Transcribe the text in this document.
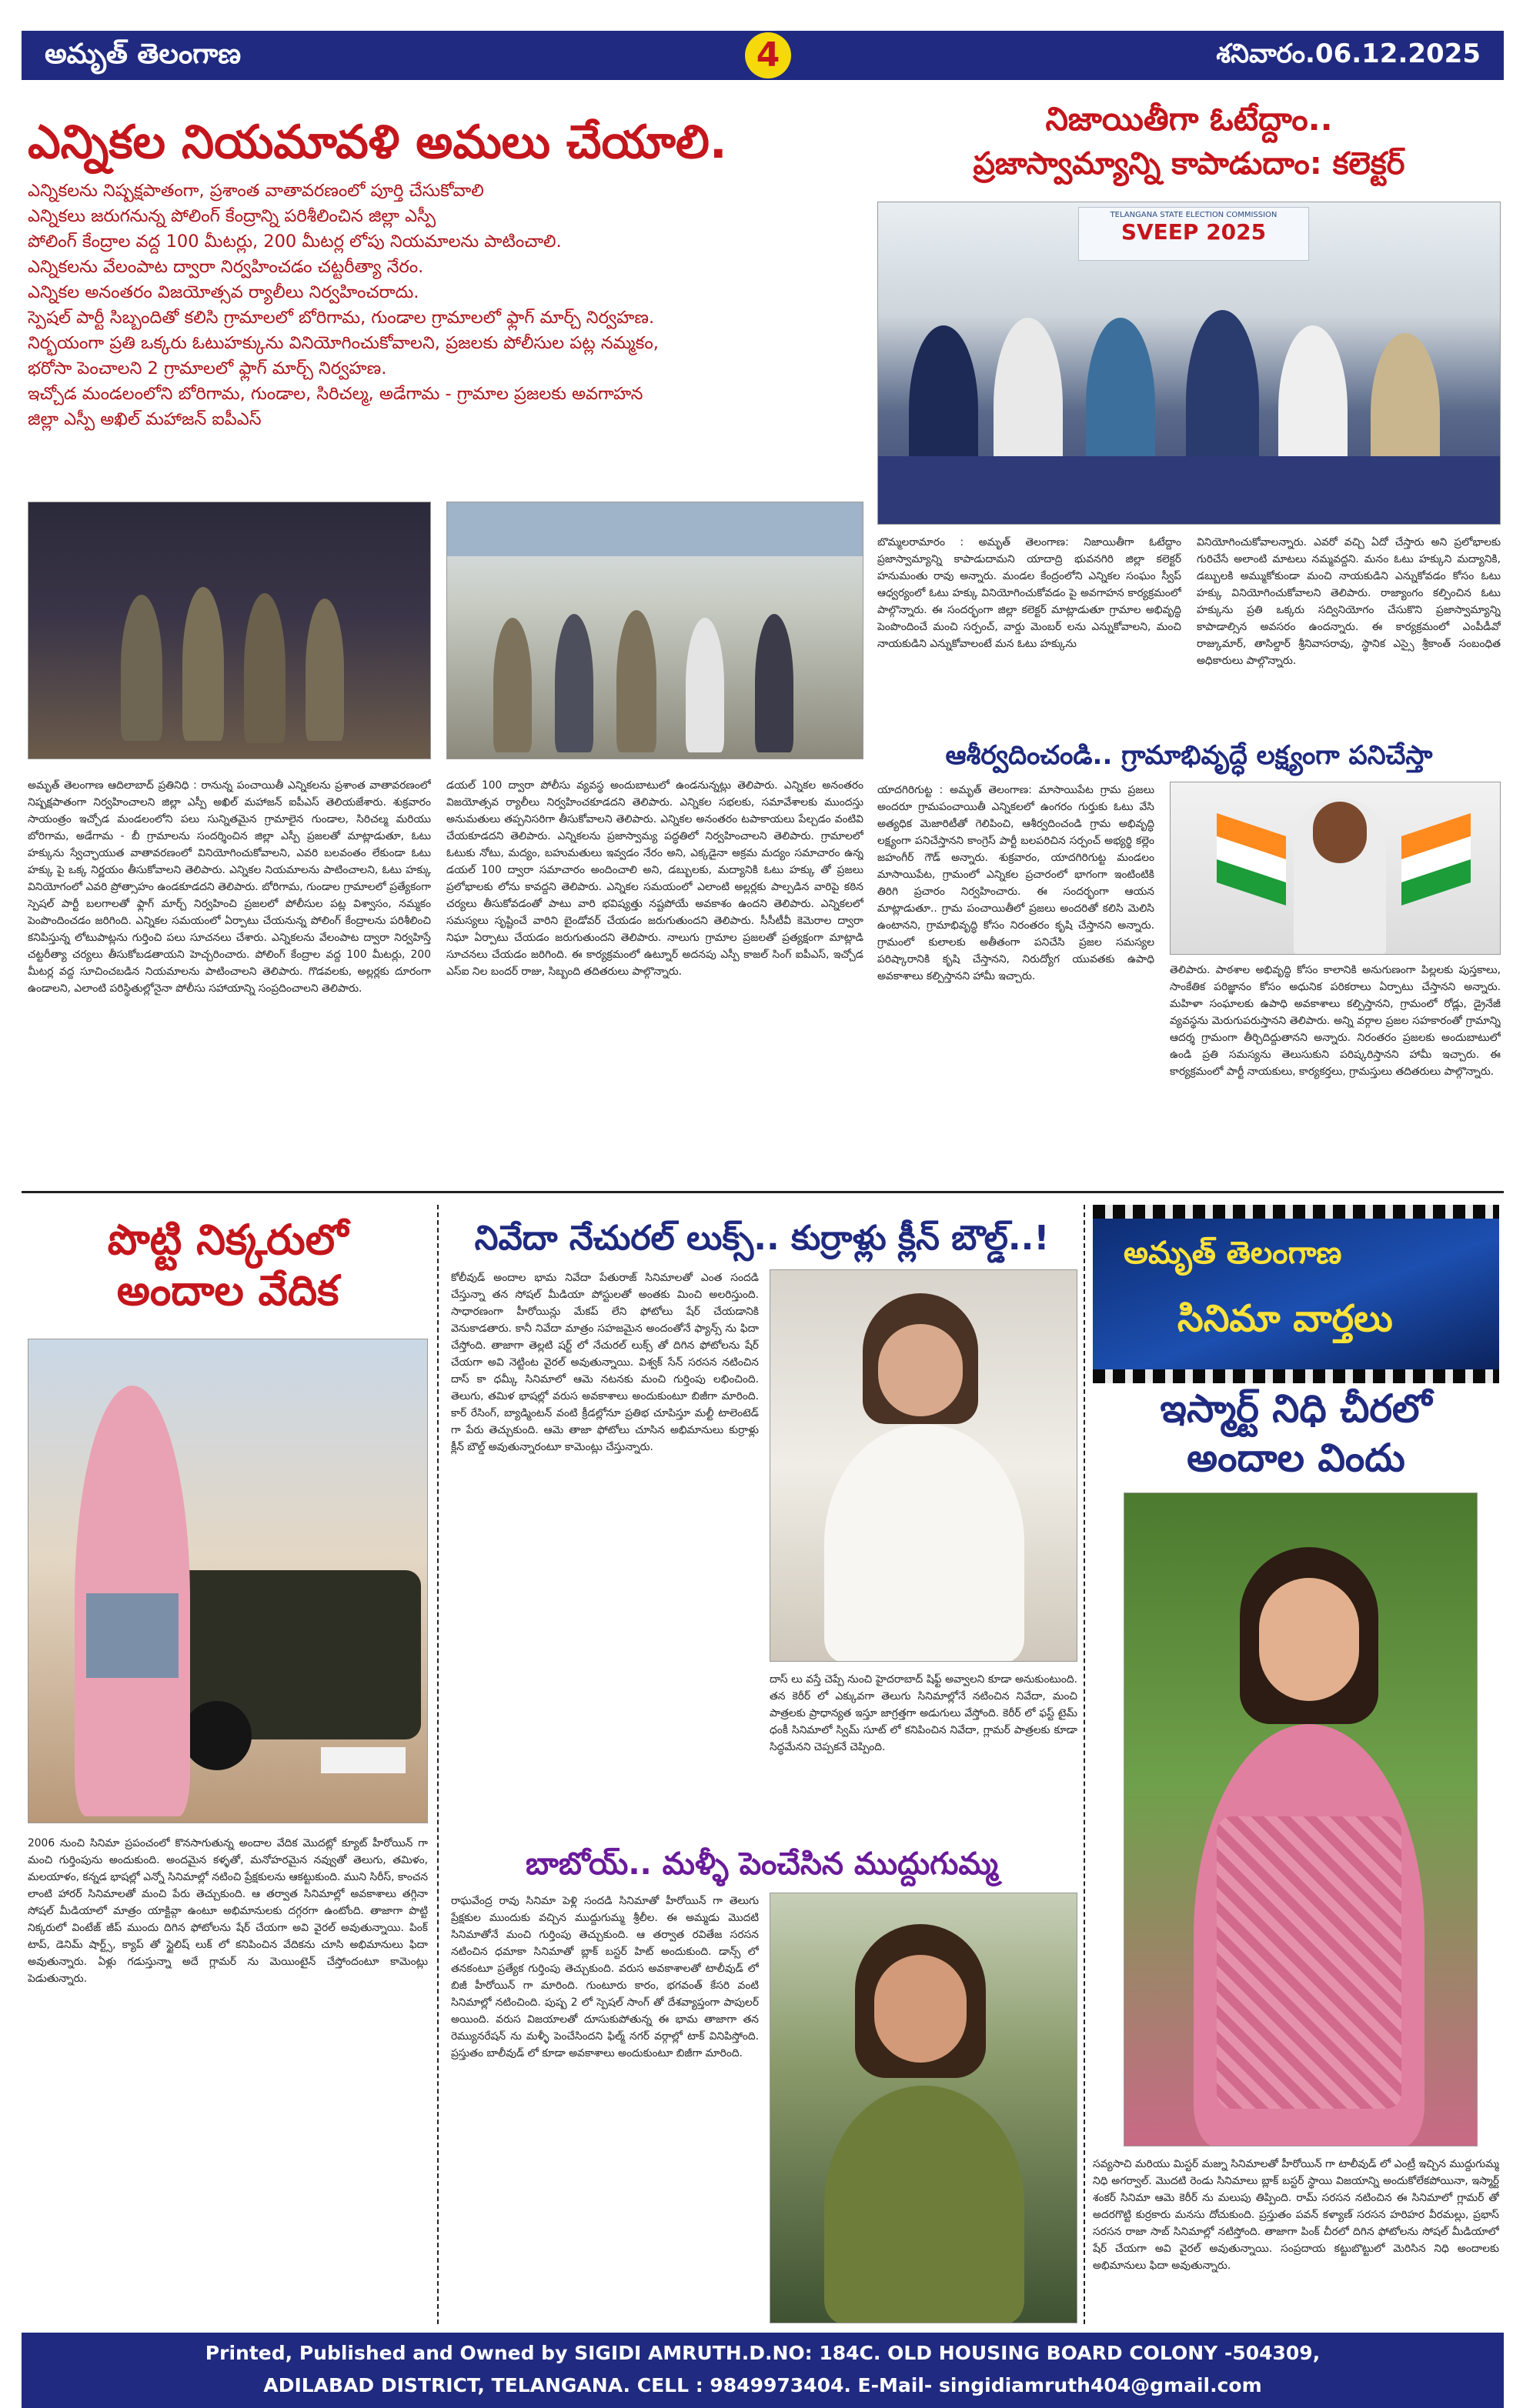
అమృత్ తెలంగాణ	4	శనివారం.06.12.2025
ఎన్నికల నియమావళి అమలు చేయాలి.
ఎన్నికలను నిష్పక్షపాతంగా, ప్రశాంత వాతావరణంలో పూర్తి చేసుకోవాలి
ఎన్నికలు జరుగనున్న పోలింగ్ కేంద్రాన్ని పరిశీలించిన జిల్లా ఎస్పీ
పోలింగ్ కేంద్రాల వద్ద 100 మీటర్లు, 200 మీటర్ల లోపు నియమాలను పాటించాలి.
ఎన్నికలను వేలంపాట ద్వారా నిర్వహించడం చట్టరీత్యా నేరం.
ఎన్నికల అనంతరం విజయోత్సవ ర్యాలీలు నిర్వహించరాదు.
స్పెషల్ పార్టీ సిబ్బందితో కలిసి గ్రామాలలో బోరిగామ, గుండాల గ్రామాలలో ఫ్లాగ్ మార్చ్ నిర్వహణ.
నిర్భయంగా ప్రతి ఒక్కరు ఓటుహక్కును వినియోగించుకోవాలని, ప్రజలకు పోలీసుల పట్ల నమ్మకం,
భరోసా పెంచాలని 2 గ్రామాలలో ఫ్లాగ్ మార్చ్ నిర్వహణ.
ఇచ్చోడ మండలంలోని బోరిగామ, గుండాల, సిరిచల్మ, అడేగామ - గ్రామాల ప్రజలకు అవగాహన
జిల్లా ఎస్పీ అఖిల్ మహాజన్ ఐపీఎస్
అమృత్ తెలంగాణ ఆదిలాబాద్ ప్రతినిధి : రానున్న పంచాయితీ ఎన్నికలను ప్రశాంత వాతావరణంలో నిష్పక్షపాతంగా నిర్వహించాలని జిల్లా ఎస్పీ అఖిల్ మహాజన్ ఐపీఎస్ తెలియజేశారు. శుక్రవారం సాయంత్రం ఇచ్చోడ మండలంలోని పలు సున్నితమైన గ్రామాలైన గుండాల, సిరిచల్మ మరియు బోరిగామ, అడేగామ - బీ గ్రామాలను సందర్శించిన జిల్లా ఎస్పీ ప్రజలతో మాట్లాడుతూ, ఓటు హక్కును స్వేచ్ఛాయుత వాతావరణంలో వినియోగించుకోవాలని, ఎవరి బలవంతం లేకుండా ఓటు హక్కు పై ఒక్క నిర్ణయం తీసుకోవాలని తెలిపారు. ఎన్నికల నియమాలను పాటించాలని, ఓటు హక్కు వినియోగంలో ఎవరి ప్రోత్సాహం ఉండకూడదని తెలిపారు. బోరిగామ, గుండాల గ్రామాలలో ప్రత్యేకంగా స్పెషల్ పార్టీ బలగాలతో ఫ్లాగ్ మార్చ్ నిర్వహించి ప్రజలలో పోలీసుల పట్ల విశ్వాసం, నమ్మకం పెంపొందించడం జరిగింది. ఎన్నికల సమయంలో ఏర్పాటు చేయనున్న పోలింగ్ కేంద్రాలను పరిశీలించి కనిపిస్తున్న లోటుపాట్లను గుర్తించి పలు సూచనలు చేశారు. ఎన్నికలను వేలంపాట ద్వారా నిర్వహిస్తే చట్టరీత్యా చర్యలు తీసుకోబడతాయని హెచ్చరించారు. పోలింగ్ కేంద్రాల వద్ద 100 మీటర్లు, 200 మీటర్ల వద్ద సూచించబడిన నియమాలను పాటించాలని తెలిపారు. గొడవలకు, అల్లర్లకు దూరంగా ఉండాలని, ఎలాంటి పరిస్థితుల్లోనైనా పోలీసు సహాయాన్ని సంప్రదించాలని తెలిపారు.
డయల్ 100 ద్వారా పోలీసు వ్యవస్థ అందుబాటులో ఉండనున్నట్లు తెలిపారు. ఎన్నికల అనంతరం విజయోత్సవ ర్యాలీలు నిర్వహించకూడదని తెలిపారు. ఎన్నికల సభలకు, సమావేశాలకు ముందస్తు అనుమతులు తప్పనిసరిగా తీసుకోవాలని తెలిపారు. ఎన్నికల అనంతరం టపాకాయలు పేల్చడం వంటివి చేయకూడదని తెలిపారు. ఎన్నికలను ప్రజాస్వామ్య పద్ధతిలో నిర్వహించాలని తెలిపారు. గ్రామాలలో ఓటుకు నోటు, మద్యం, బహుమతులు ఇవ్వడం నేరం అని, ఎక్కడైనా అక్రమ మద్యం సమాచారం ఉన్న డయల్ 100 ద్వారా సమాచారం అందించాలి అని, డబ్బులకు, మద్యానికి ఓటు హక్కు తో ప్రజలు ప్రలోభాలకు లోను కావద్దని తెలిపారు. ఎన్నికల సమయంలో ఎలాంటి అల్లర్లకు పాల్పడిన వారిపై కఠిన చర్యలు తీసుకోవడంతో పాటు వారి భవిష్యత్తు నష్టపోయే అవకాశం ఉందని తెలిపారు. ఎన్నికలలో సమస్యలు సృష్టించే వారిని బైండోవర్ చేయడం జరుగుతుందని తెలిపారు. సీసీటీవీ కెమెరాల ద్వారా నిఘా ఏర్పాటు చేయడం జరుగుతుందని తెలిపారు. నాలుగు గ్రామాల ప్రజలతో ప్రత్యక్షంగా మాట్లాడి సూచనలు చేయడం జరిగింది. ఈ కార్యక్రమంలో ఉట్నూర్ అదనపు ఎస్పీ కాజల్ సింగ్ ఐపీఎస్, ఇచ్చోడ ఎస్ఐ నిల బందర్ రాజు, సిబ్బంది తదితరులు పాల్గొన్నారు.
నిజాయితీగా ఓటేద్దాం..
ప్రజాస్వామ్యాన్ని కాపాడుదాం: కలెక్టర్
TELANGANA STATE ELECTION COMMISSION
SVEEP 2025
బొమ్మలరామారం : అమృత్ తెలంగాణ: నిజాయితీగా ఓటేద్దాం ప్రజాస్వామ్యాన్ని కాపాడుదామని యాదాద్రి భువనగిరి జిల్లా కలెక్టర్ హనుమంతు రావు అన్నారు. మండల కేంద్రంలోని ఎన్నికల సంఘం స్వీప్ ఆధ్వర్యంలో ఓటు హక్కు వినియోగించుకోవడం పై అవగాహన కార్యక్రమంలో పాల్గొన్నారు. ఈ సందర్భంగా జిల్లా కలెక్టర్ మాట్లాడుతూ గ్రామాల అభివృద్ధి పెంపొందించే మంచి సర్పంచ్, వార్డు మెంబర్ లను ఎన్నుకోవాలని, మంచి నాయకుడిని ఎన్నుకోవాలంటే మన ఓటు హక్కును
వినియోగించుకోవాలన్నారు. ఎవరో వచ్చి ఏదో చేస్తారు అని ప్రలోభాలకు గురిచేసే అలాంటి మాటలు నమ్మవద్దని. మనం ఓటు హక్కుని మద్యానికి, డబ్బులకి అమ్ముకోకుండా మంచి నాయకుడిని ఎన్నుకోవడం కోసం ఓటు హక్కు వినియోగించుకోవాలని తెలిపారు. రాజ్యాంగం కల్పించిన ఓటు హక్కును ప్రతి ఒక్కరు సద్వినియోగం చేసుకొని ప్రజాస్వామ్యాన్ని కాపాడాల్సిన అవసరం ఉందన్నారు. ఈ కార్యక్రమంలో ఎంపీడీవో రాజ్కుమార్, తాసిల్దార్ శ్రీనివాసరావు, స్థానిక ఎస్సై శ్రీకాంత్ సంబంధిత అధికారులు పాల్గొన్నారు.
ఆశీర్వదించండి.. గ్రామాభివృద్ధే లక్ష్యంగా పనిచేస్తా
యాదగిరిగుట్ట : అమృత్ తెలంగాణ: మాసాయిపేట గ్రామ ప్రజలు అందరూ గ్రామపంచాయితీ ఎన్నికలలో ఉంగరం గుర్తుకు ఓటు వేసి అత్యధిక మెజారిటీతో గెలిపించి, ఆశీర్వదించండి గ్రామ అభివృద్ధి లక్ష్యంగా పనిచేస్తానని కాంగ్రెస్ పార్టీ బలపరిచిన సర్పంచ్ అభ్యర్థి కల్లెం జహంగీర్ గౌడ్ అన్నారు. శుక్రవారం, యాదగిరిగుట్ట మండలం మాసాయిపేట, గ్రామంలో ఎన్నికల ప్రచారంలో భాగంగా ఇంటింటికి తిరిగి ప్రచారం నిర్వహించారు. ఈ సందర్భంగా ఆయన మాట్లాడుతూ.. గ్రామ పంచాయితీలో ప్రజలు అందరితో కలిసి మెలిసి ఉంటానని, గ్రామాభివృద్ధి కోసం నిరంతరం కృషి చేస్తానని అన్నారు. గ్రామంలో కులాలకు అతీతంగా పనిచేసి ప్రజల సమస్యల పరిష్కారానికి కృషి చేస్తానని, నిరుద్యోగ యువతకు ఉపాధి అవకాశాలు కల్పిస్తానని హామీ ఇచ్చారు.	తెలిపారు. పాఠశాల అభివృద్ధి కోసం కాలానికి అనుగుణంగా పిల్లలకు పుస్తకాలు, సాంకేతిక పరిజ్ఞానం కోసం అధునిక పరికరాలు ఏర్పాటు చేస్తానని అన్నారు. మహిళా సంఘాలకు ఉపాధి అవకాశాలు కల్పిస్తానని, గ్రామంలో రోడ్లు, డ్రైనేజీ వ్యవస్థను మెరుగుపరుస్తానని తెలిపారు. అన్ని వర్గాల ప్రజల సహకారంతో గ్రామాన్ని ఆదర్శ గ్రామంగా తీర్చిదిద్దుతానని అన్నారు. నిరంతరం ప్రజలకు అందుబాటులో ఉండి ప్రతి సమస్యను తెలుసుకుని పరిష్కరిస్తానని హామీ ఇచ్చారు. ఈ కార్యక్రమంలో పార్టీ నాయకులు, కార్యకర్తలు, గ్రామస్తులు తదితరులు పాల్గొన్నారు.
పొట్టి నిక్కరులో
అందాల వేదిక
2006 నుంచి సినిమా ప్రపంచంలో కొనసాగుతున్న అందాల వేదిక మొదట్లో క్యూట్ హీరోయిన్ గా మంచి గుర్తింపును అందుకుంది. అందమైన కళ్ళతో, మనోహరమైన నవ్వుతో తెలుగు, తమిళం, మలయాళం, కన్నడ భాషల్లో ఎన్నో సినిమాల్లో నటించి ప్రేక్షకులను ఆకట్టుకుంది. ముని సిరీస్, కాంచన లాంటి హారర్ సినిమాలతో మంచి పేరు తెచ్చుకుంది. ఆ తర్వాత సినిమాల్లో అవకాశాలు తగ్గినా సోషల్ మీడియాలో మాత్రం యాక్టివ్గా ఉంటూ అభిమానులకు దగ్గరగా ఉంటోంది. తాజాగా పొట్టి నిక్కరులో వింటేజ్ జీప్ ముందు దిగిన ఫోటోలను షేర్ చేయగా అవి వైరల్ అవుతున్నాయి. పింక్ టాప్, డెనిమ్ షార్ట్స్, క్యాప్ తో స్టైలిష్ లుక్ లో కనిపించిన వేదికను చూసి అభిమానులు ఫిదా అవుతున్నారు. ఏళ్లు గడుస్తున్నా అదే గ్లామర్ ను మెయింటైన్ చేస్తోందంటూ కామెంట్లు పెడుతున్నారు.
నివేదా నేచురల్ లుక్స్.. కుర్రాళ్లు క్లీన్ బౌల్డ్..!
కోలీవుడ్ అందాల భామ నివేదా పేతురాజ్ సినిమాలతో ఎంత సందడి చేస్తున్నా తన సోషల్ మీడియా పోస్టులతో అంతకు మించి అలరిస్తుంది. సాధారణంగా హీరోయిన్లు మేకప్ లేని ఫోటోలు షేర్ చేయడానికి వెనుకాడతారు. కానీ నివేదా మాత్రం సహజమైన అందంతోనే ఫ్యాన్స్ ను ఫిదా చేస్తోంది. తాజాగా తెల్లటి షర్ట్ లో నేచురల్ లుక్స్ తో దిగిన ఫోటోలను షేర్ చేయగా అవి నెట్టింట వైరల్ అవుతున్నాయి. విశ్వక్ సేన్ సరసన నటించిన దాస్ కా ధమ్కీ సినిమాలో ఆమె నటనకు మంచి గుర్తింపు లభించింది. తెలుగు, తమిళ భాషల్లో వరుస అవకాశాలు అందుకుంటూ బిజీగా మారింది. కార్ రేసింగ్, బ్యాడ్మింటన్ వంటి క్రీడల్లోనూ ప్రతిభ చూపిస్తూ మల్టీ టాలెంటెడ్ గా పేరు తెచ్చుకుంది. ఆమె తాజా ఫోటోలు చూసిన అభిమానులు కుర్రాళ్లు క్లీన్ బౌల్డ్ అవుతున్నారంటూ కామెంట్లు చేస్తున్నారు.
దాస్ లు వస్తే చెప్పే నుంచి హైదరాబాద్ షిఫ్ట్ అవ్వాలని కూడా అనుకుంటుంది. తన కెరీర్ లో ఎక్కువగా తెలుగు సినిమాల్లోనే నటించిన నివేదా, మంచి పాత్రలకు ప్రాధాన్యత ఇస్తూ జాగ్రత్తగా అడుగులు వేస్తోంది. కెరీర్ లో ఫస్ట్ టైమ్ ధంకీ సినిమాలో స్విమ్ సూట్ లో కనిపించిన నివేదా, గ్లామర్ పాత్రలకు కూడా సిద్ధమేనని చెప్పకనే చెప్పింది.
బాబోయ్.. మళ్ళీ పెంచేసిన ముద్దుగుమ్మ
రాఘవేంద్ర రావు సినిమా పెళ్లి సందడి సినిమాతో హీరోయిన్ గా తెలుగు ప్రేక్షకుల ముందుకు వచ్చిన ముద్దుగుమ్మ శ్రీలీల. ఈ అమ్మడు మొదటి సినిమాతోనే మంచి గుర్తింపు తెచ్చుకుంది. ఆ తర్వాత రవితేజ సరసన నటించిన ధమాకా సినిమాతో బ్లాక్ బస్టర్ హిట్ అందుకుంది. డాన్స్ లో తనకంటూ ప్రత్యేక గుర్తింపు తెచ్చుకుంది. వరుస అవకాశాలతో టాలీవుడ్ లో బిజీ హీరోయిన్ గా మారింది. గుంటూరు కారం, భగవంత్ కేసరి వంటి సినిమాల్లో నటించింది. పుష్ప 2 లో స్పెషల్ సాంగ్ తో దేశవ్యాప్తంగా పాపులర్ అయింది. వరుస విజయాలతో దూసుకుపోతున్న ఈ భామ తాజాగా తన రెమ్యునరేషన్ ను మళ్ళీ పెంచేసిందని ఫిల్మ్ నగర్ వర్గాల్లో టాక్ వినిపిస్తోంది. ప్రస్తుతం బాలీవుడ్ లో కూడా అవకాశాలు అందుకుంటూ బిజీగా మారింది.
అమృత్ తెలంగాణ
సినిమా వార్తలు
ఇస్మార్ట్ నిధి చీరలో
అందాల విందు
సవ్యసాచి మరియు మిస్టర్ మజ్ను సినిమాలతో హీరోయిన్ గా టాలీవుడ్ లో ఎంట్రీ ఇచ్చిన ముద్దుగుమ్మ నిధి అగర్వాల్. మొదటి రెండు సినిమాలు బ్లాక్ బస్టర్ స్థాయి విజయాన్ని అందుకోలేకపోయినా, ఇస్మార్ట్ శంకర్ సినిమా ఆమె కెరీర్ ను మలుపు తిప్పింది. రామ్ సరసన నటించిన ఈ సినిమాలో గ్లామర్ తో అదరగొట్టి కుర్రకారు మనసు దోచుకుంది. ప్రస్తుతం పవన్ కళ్యాణ్ సరసన హరిహర వీరమల్లు, ప్రభాస్ సరసన రాజా సాబ్ సినిమాల్లో నటిస్తోంది. తాజాగా పింక్ చీరలో దిగిన ఫోటోలను సోషల్ మీడియాలో షేర్ చేయగా అవి వైరల్ అవుతున్నాయి. సంప్రదాయ కట్టుబొట్టులో మెరిసిన నిధి అందాలకు అభిమానులు ఫిదా అవుతున్నారు.
Printed, Published and Owned by SIGIDI AMRUTH.D.NO: 184C. OLD HOUSING BOARD COLONY -504309,
ADILABAD DISTRICT, TELANGANA. CELL : 9849973404. E-Mail- singidiamruth404@gmail.com
